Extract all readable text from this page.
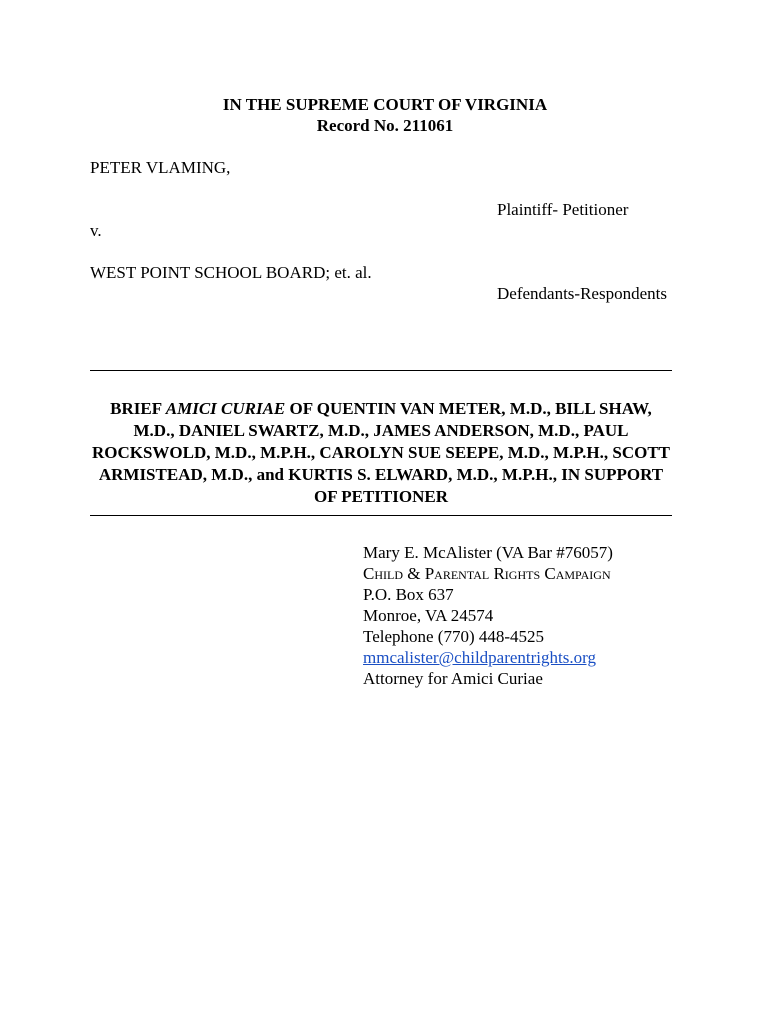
IN THE SUPREME COURT OF VIRGINIA
Record No. 211061
PETER VLAMING,
Plaintiff- Petitioner
v.
WEST POINT SCHOOL BOARD; et. al.
Defendants-Respondents
BRIEF AMICI CURIAE OF QUENTIN VAN METER, M.D., BILL SHAW, M.D., DANIEL SWARTZ, M.D., JAMES ANDERSON, M.D., PAUL ROCKSWOLD, M.D., M.P.H., CAROLYN SUE SEEPE, M.D., M.P.H., SCOTT ARMISTEAD, M.D., and KURTIS S. ELWARD, M.D., M.P.H., IN SUPPORT OF PETITIONER
Mary E. McAlister (VA Bar #76057)
Child & Parental Rights Campaign
P.O. Box 637
Monroe, VA 24574
Telephone (770) 448-4525
mmcalister@childparentrights.org
Attorney for Amici Curiae
